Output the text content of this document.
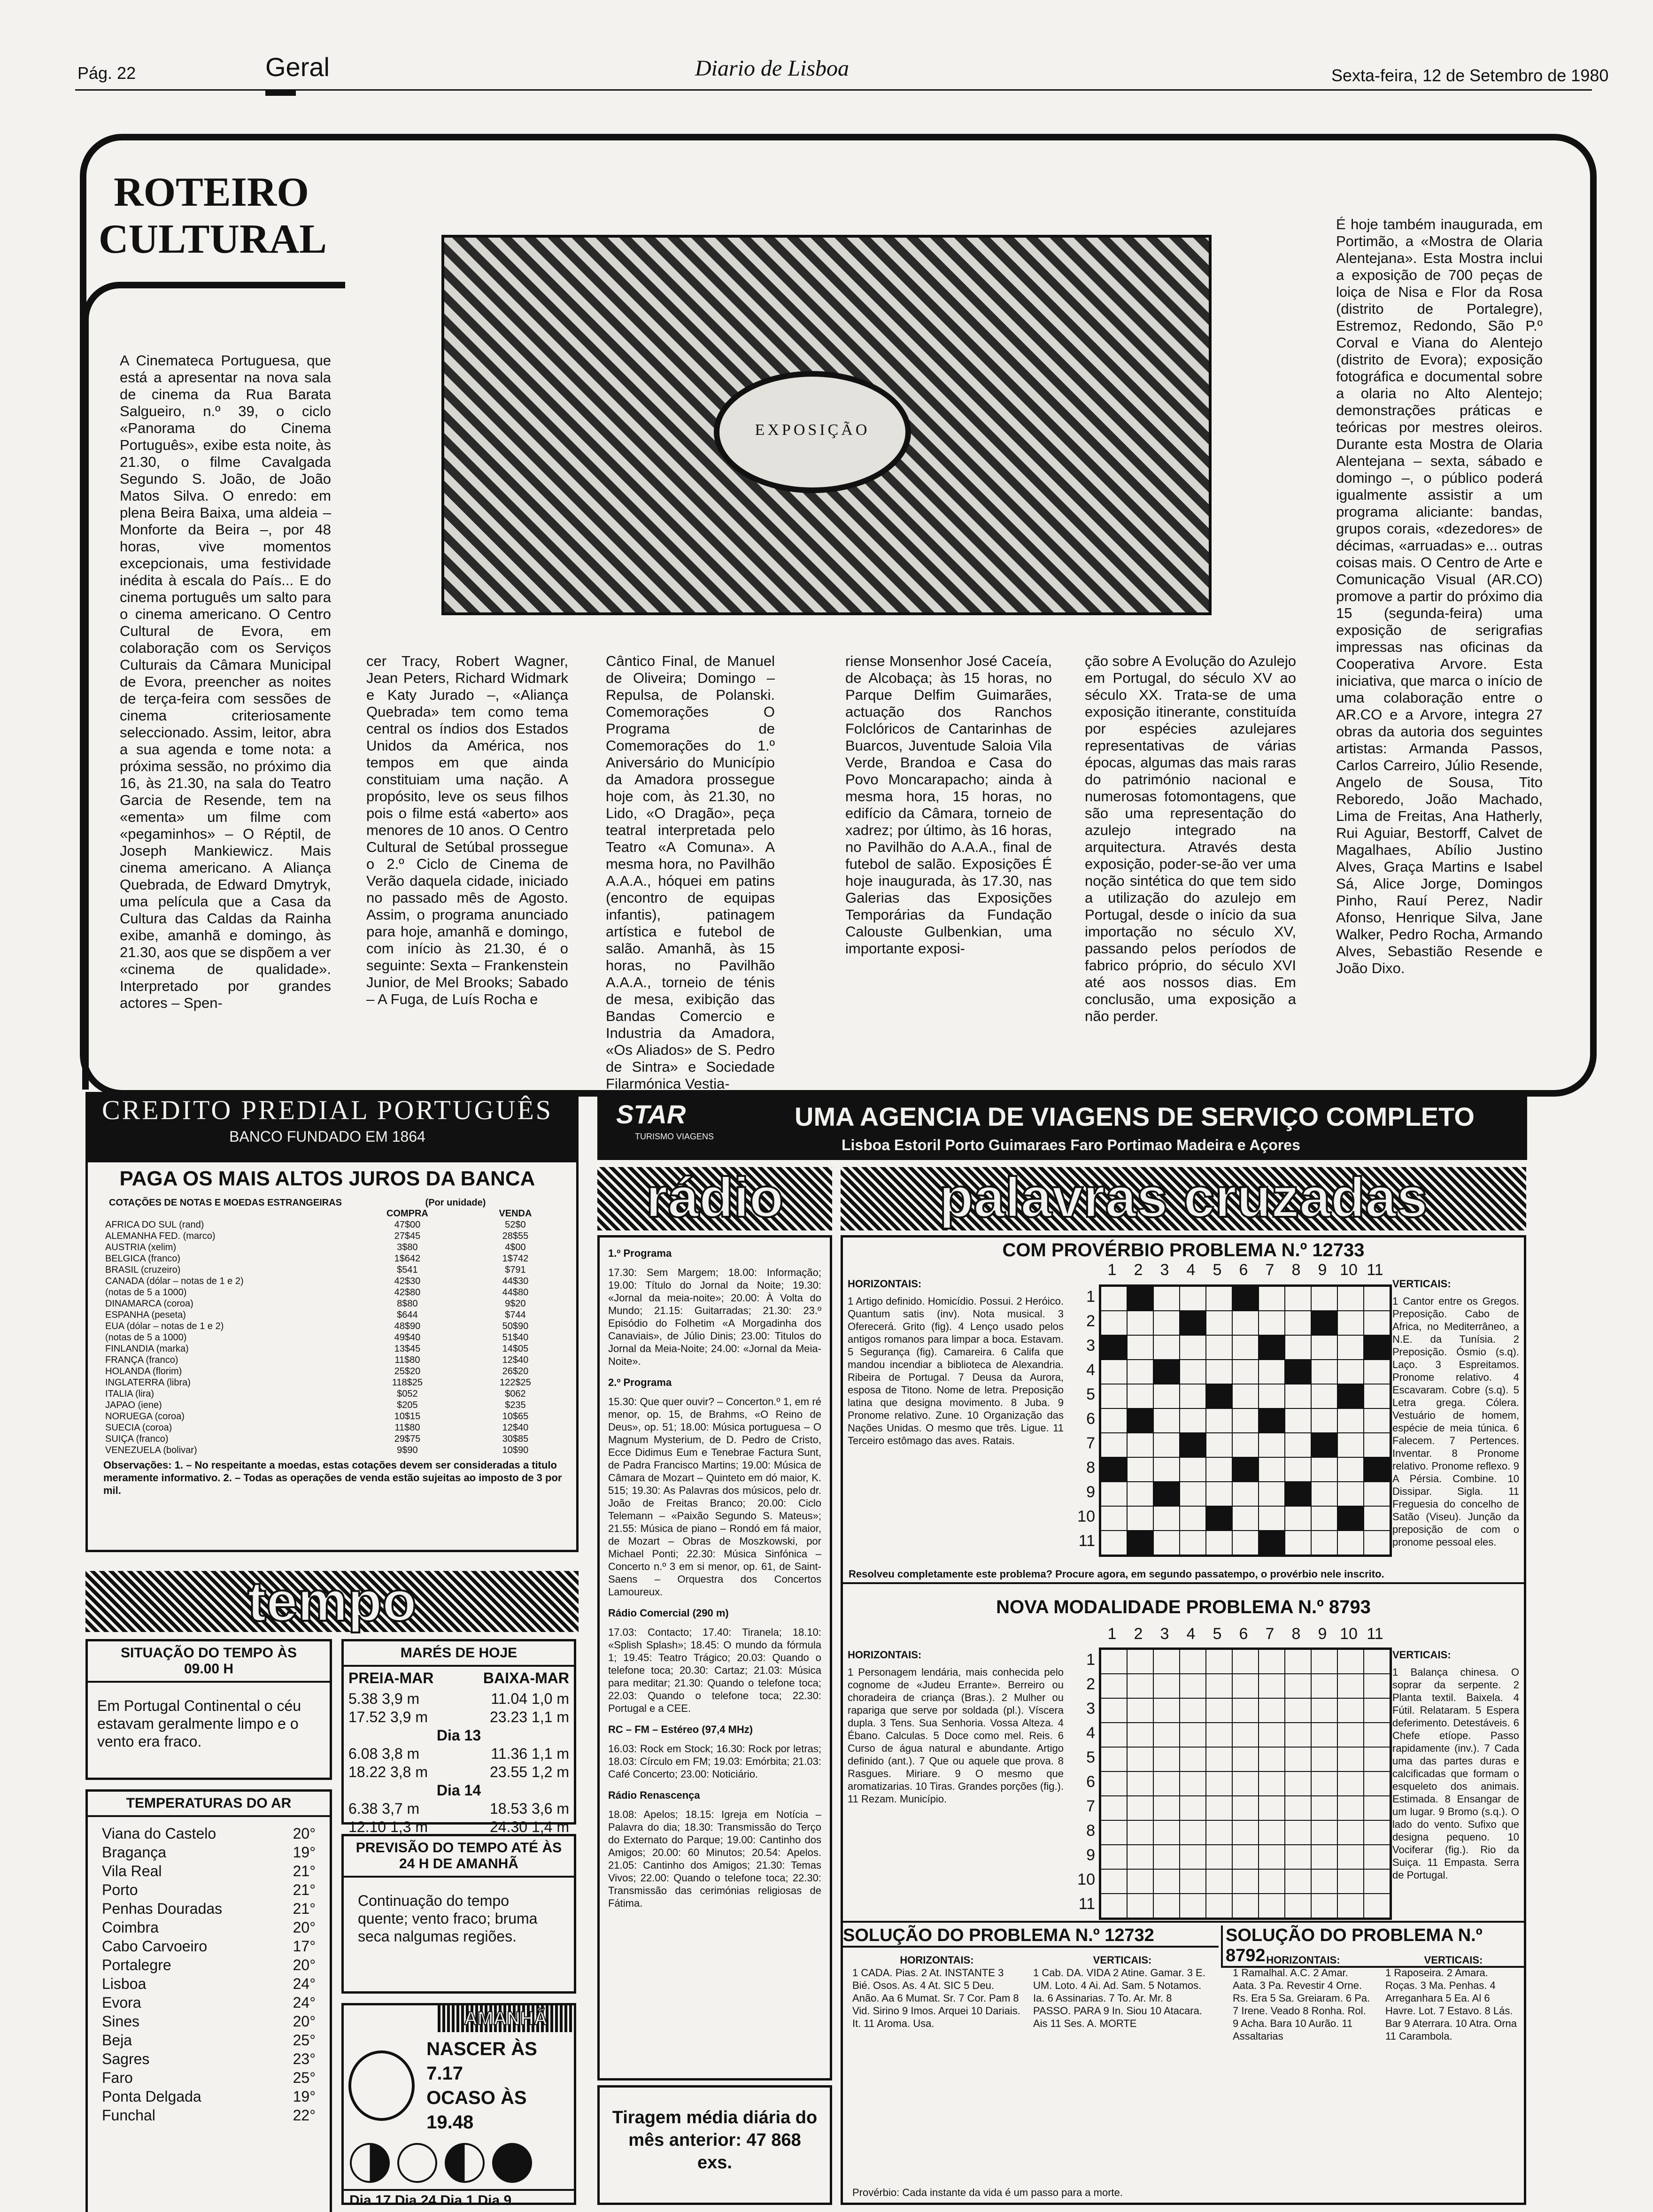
Pág. 22	Geral	Diario de Lisboa	Sexta-feira, 12 de Setembro de 1980
ROTEIRO CULTURAL
EXPOSIÇÃO
A Cinemateca Portuguesa, que está a apresentar na nova sala de cinema da Rua Barata Salgueiro, n.º 39, o ciclo «Panorama do Cinema Português», exibe esta noite, às 21.30, o filme Cavalgada Segundo S. João, de João Matos Silva. O enredo: em plena Beira Baixa, uma aldeia – Monforte da Beira –, por 48 horas, vive momentos excepcionais, uma festividade inédita à escala do País... E do cinema português um salto para o cinema americano. O Centro Cultural de Evora, em colaboração com os Serviços Culturais da Câmara Municipal de Evora, preencher as noites de terça-feira com sessões de cinema criteriosamente seleccionado. Assim, leitor, abra a sua agenda e tome nota: a próxima sessão, no próximo dia 16, às 21.30, na sala do Teatro Garcia de Resende, tem na «ementa» um filme com «pegaminhos» – O Réptil, de Joseph Mankiewicz. Mais cinema americano. A Aliança Quebrada, de Edward Dmytryk, uma película que a Casa da Cultura das Caldas da Rainha exibe, amanhã e domingo, às 21.30, aos que se dispõem a ver «cinema de qualidade». Interpretado por grandes actores – Spen-
cer Tracy, Robert Wagner, Jean Peters, Richard Widmark e Katy Jurado –, «Aliança Quebrada» tem como tema central os índios dos Estados Unidos da América, nos tempos em que ainda constituiam uma nação. A propósito, leve os seus filhos pois o filme está «aberto» aos menores de 10 anos. O Centro Cultural de Setúbal prossegue o 2.º Ciclo de Cinema de Verão daquela cidade, iniciado no passado mês de Agosto. Assim, o programa anunciado para hoje, amanhã e domingo, com início às 21.30, é o seguinte: Sexta – Frankenstein Junior, de Mel Brooks; Sabado – A Fuga, de Luís Rocha e
Cântico Final, de Manuel de Oliveira; Domingo – Repulsa, de Polanski. Comemorações O Programa de Comemorações do 1.º Aniversário do Município da Amadora prossegue hoje com, às 21.30, no Lido, «O Dragão», peça teatral interpretada pelo Teatro «A Comuna». A mesma hora, no Pavilhão A.A.A., hóquei em patins (encontro de equipas infantis), patinagem artística e futebol de salão. Amanhã, às 15 horas, no Pavilhão A.A.A., torneio de ténis de mesa, exibição das Bandas Comercio e Industria da Amadora, «Os Aliados» de S. Pedro de Sintra» e Sociedade Filarmónica Vestia-
riense Monsenhor José Caceía, de Alcobaça; às 15 horas, no Parque Delfim Guimarães, actuação dos Ranchos Folclóricos de Cantarinhas de Buarcos, Juventude Saloia Vila Verde, Brandoa e Casa do Povo Moncarapacho; ainda à mesma hora, 15 horas, no edifício da Câmara, torneio de xadrez; por último, às 16 horas, no Pavilhão do A.A.A., final de futebol de salão. Exposições É hoje inaugurada, às 17.30, nas Galerias das Exposições Temporárias da Fundação Calouste Gulbenkian, uma importante exposi-
ção sobre A Evolução do Azulejo em Portugal, do século XV ao século XX. Trata-se de uma exposição itinerante, constituída por espécies azulejares representativas de várias épocas, algumas das mais raras do património nacional e numerosas fotomontagens, que são uma representação do azulejo integrado na arquitectura. Através desta exposição, poder-se-ão ver uma noção sintética do que tem sido a utilização do azulejo em Portugal, desde o início da sua importação no século XV, passando pelos períodos de fabrico próprio, do século XVI até aos nossos dias. Em conclusão, uma exposição a não perder.
É hoje também inaugurada, em Portimão, a «Mostra de Olaria Alentejana». Esta Mostra inclui a exposição de 700 peças de loiça de Nisa e Flor da Rosa (distrito de Portalegre), Estremoz, Redondo, São P.º Corval e Viana do Alentejo (distrito de Evora); exposição fotográfica e documental sobre a olaria no Alto Alentejo; demonstrações práticas e teóricas por mestres oleiros. Durante esta Mostra de Olaria Alentejana – sexta, sábado e domingo –, o público poderá igualmente assistir a um programa aliciante: bandas, grupos corais, «dezedores» de décimas, «arruadas» e... outras coisas mais. O Centro de Arte e Comunicação Visual (AR.CO) promove a partir do próximo dia 15 (segunda-feira) uma exposição de serigrafias impressas nas oficinas da Cooperativa Arvore. Esta iniciativa, que marca o início de uma colaboração entre o AR.CO e a Arvore, integra 27 obras da autoria dos seguintes artistas: Armanda Passos, Carlos Carreiro, Júlio Resende, Angelo de Sousa, Tito Reboredo, João Machado, Lima de Freitas, Ana Hatherly, Rui Aguiar, Bestorff, Calvet de Magalhaes, Abílio Justino Alves, Graça Martins e Isabel Sá, Alice Jorge, Domingos Pinho, Rauí Perez, Nadir Afonso, Henrique Silva, Jane Walker, Pedro Rocha, Armando Alves, Sebastião Resende e João Dixo.
CREDITO PREDIAL PORTUGUÊS
BANCO FUNDADO EM 1864
PAGA OS MAIS ALTOS JUROS DA BANCA
COTAÇÕES DE NOTAS E MOEDAS ESTRANGEIRAS	(Por unidade)	
	COMPRA	VENDA
AFRICA DO SUL (rand)	47$00	52$0
ALEMANHA FED. (marco)	27$45	28$55
AUSTRIA (xelim)	3$80	4$00
BELGICA (franco)	1$642	1$742
BRASIL (cruzeiro)	$541	$791
CANADA (dólar – notas de 1 e 2)	42$30	44$30
(notas de 5 a 1000)	42$80	44$80
DINAMARCA (coroa)	8$80	9$20
ESPANHA (peseta)	$644	$744
EUA (dólar – notas de 1 e 2)	48$90	50$90
(notas de 5 a 1000)	49$40	51$40
FINLANDIA (marka)	13$45	14$05
FRANÇA (franco)	11$80	12$40
HOLANDA (florim)	25$20	26$20
INGLATERRA (libra)	118$25	122$25
ITALIA (lira)	$052	$062
JAPAO (iene)	$205	$235
NORUEGA (coroa)	10$15	10$65
SUECIA (coroa)	11$80	12$40
SUIÇA (franco)	29$75	30$85
VENEZUELA (bolivar)	9$90	10$90
Observações: 1. – No respeitante a moedas, estas cotações devem ser consideradas a titulo meramente informativo. 2. – Todas as operações de venda estão sujeitas ao imposto de 3 por mil.
tempo
SITUAÇÃO DO TEMPO ÀS 09.00 H
Em Portugal Continental o céu estavam geralmente limpo e o vento era fraco.
TEMPERATURAS DO AR
Viana do Castelo	20°
Bragança	19°
Vila Real	21°
Porto	21°
Penhas Douradas	21°
Coimbra	20°
Cabo Carvoeiro	17°
Portalegre	20°
Lisboa	24°
Evora	24°
Sines	20°
Beja	25°
Sagres	23°
Faro	25°
Ponta Delgada	19°
Funchal	22°
MARÉS DE HOJE
PREIA-MAR	BAIXA-MAR
5.38 3,9 m	11.04 1,0 m
17.52 3,9 m	23.23 1,1 m
Dia 13
6.08 3,8 m	11.36 1,1 m
18.22 3,8 m	23.55 1,2 m
Dia 14
6.38 3,7 m	18.53 3,6 m
12.10 1,3 m	24.30 1,4 m
PREVISÃO DO TEMPO ATÉ ÀS 24 H DE AMANHÃ
Continuação do tempo quente; vento fraco; bruma seca nalgumas regiões.
AMANHÃ
NASCER ÀS 7.17
OCASO ÀS 19.48
Dia 17 Dia 24 Dia 1 Dia 9
STAR
TURISMO VIAGENS
UMA AGENCIA DE VIAGENS DE SERVIÇO COMPLETO
Lisboa Estoril Porto Guimaraes Faro Portimao Madeira e Açores
rádio
1.º Programa
17.30: Sem Margem; 18.00: Informação; 19.00: Título do Jornal da Noite; 19.30: «Jornal da meia-noite»; 20.00: À Volta do Mundo; 21.15: Guitarradas; 21.30: 23.º Episódio do Folhetim «A Morgadinha dos Canaviais», de Júlio Dinis; 23.00: Titulos do Jornal da Meia-Noite; 24.00: «Jornal da Meia-Noite».
2.º Programa
15.30: Que quer ouvir? – Concerton.º 1, em ré menor, op. 15, de Brahms, «O Reino de Deus», op. 51; 18.00: Música portuguesa – O Magnum Mysterium, de D. Pedro de Cristo, Ecce Didimus Eum e Tenebrae Factura Sunt, de Padra Francisco Martins; 19.00: Música de Câmara de Mozart – Quinteto em dó maior, K. 515; 19.30: As Palavras dos músicos, pelo dr. João de Freitas Branco; 20.00: Ciclo Telemann – «Paixão Segundo S. Mateus»; 21.55: Música de piano – Rondó em fá maior, de Mozart – Obras de Moszkowski, por Michael Ponti; 22.30: Música Sinfónica – Concerto n.º 3 em si menor, op. 61, de Saint-Saens – Orquestra dos Concertos Lamoureux.
Rádio Comercial (290 m)
17.03: Contacto; 17.40: Tiranela; 18.10: «Splish Splash»; 18.45: O mundo da fórmula 1; 19.45: Teatro Trágico; 20.03: Quando o telefone toca; 20.30: Cartaz; 21.03: Música para meditar; 21.30: Quando o telefone toca; 22.03: Quando o telefone toca; 22.30: Portugal e a CEE.
RC – FM – Estéreo (97,4 MHz)
16.03: Rock em Stock; 16.30: Rock por letras; 18.03: Círculo em FM; 19.03: Emórbita; 21.03: Café Concerto; 23.00: Noticiário.
Rádio Renascença
18.08: Apelos; 18.15: Igreja em Notícia – Palavra do dia; 18.30: Transmissão do Terço do Externato do Parque; 19.00: Cantinho dos Amigos; 20.00: 60 Minutos; 20.54: Apelos. 21.05: Cantinho dos Amigos; 21.30: Temas Vivos; 22.00: Quando o telefone toca; 22.30: Transmissão das cerimónias religiosas de Fátima.
Tiragem média diária do mês anterior: 47 868 exs.
palavras cruzadas
COM PROVÉRBIO PROBLEMA N.º 12733
HORIZONTAIS:
1 Artigo definido. Homicídio. Possui. 2 Heróico. Quantum satis (inv). Nota musical. 3 Oferecerá. Grito (fig). 4 Lenço usado pelos antigos romanos para limpar a boca. Estavam. 5 Segurança (fig). Camareira. 6 Califa que mandou incendiar a biblioteca de Alexandria. Ribeira de Portugal. 7 Deusa da Aurora, esposa de Titono. Nome de letra. Preposição latina que designa movimento. 8 Juba. 9 Pronome relativo. Zune. 10 Organização das Nações Unidas. O mesmo que três. Ligue. 11 Terceiro estômago das aves. Ratais.
1 2 3 4 5 6 7 8 9 10 11
1
2
3
4
5
6
7
8
9
10
11
VERTICAIS:
1 Cantor entre os Gregos. Preposição. Cabo de Africa, no Mediterrâneo, a N.E. da Tunísia. 2 Preposição. Ósmio (s.q). Laço. 3 Espreitamos. Pronome relativo. 4 Escavaram. Cobre (s.q). 5 Letra grega. Cólera. Vestuário de homem, espécie de meia túnica. 6 Falecem. 7 Pertences. Inventar. 8 Pronome relativo. Pronome reflexo. 9 A Pérsia. Combine. 10 Dissipar. Sigla. 11 Freguesia do concelho de Satão (Viseu). Junção da preposição de com o pronome pessoal eles.
Resolveu completamente este problema? Procure agora, em segundo passatempo, o provérbio nele inscrito.
NOVA MODALIDADE PROBLEMA N.º 8793
HORIZONTAIS:
1 Personagem lendária, mais conhecida pelo cognome de «Judeu Errante». Berreiro ou choradeira de criança (Bras.). 2 Mulher ou rapariga que serve por soldada (pl.). Víscera dupla. 3 Tens. Sua Senhoria. Vossa Alteza. 4 Ébano. Calculas. 5 Doce como mel. Reis. 6 Curso de água natural e abundante. Artigo definido (ant.). 7 Que ou aquele que prova. 8 Rasgues. Miriare. 9 O mesmo que aromatizarias. 10 Tiras. Grandes porções (fig.). 11 Rezam. Município.
1 2 3 4 5 6 7 8 9 10 11
1
2
3
4
5
6
7
8
9
10
11
VERTICAIS:
1 Balança chinesa. O soprar da serpente. 2 Planta textil. Baixela. 4 Fútil. Relataram. 5 Espera deferimento. Detestáveis. 6 Chefe etíope. Passo rapidamente (inv.). 7 Cada uma das partes duras e calcificadas que formam o esqueleto dos animais. Estimada. 8 Ensangar de um lugar. 9 Bromo (s.q.). O lado do vento. Sufixo que designa pequeno. 10 Vociferar (fig.). Rio da Suiça. 11 Empasta. Serra de Portugal.
SOLUÇÃO DO PROBLEMA N.º 12732	SOLUÇÃO DO PROBLEMA N.º 8792
HORIZONTAIS:
1 CADA. Pias. 2 At. INSTANTE 3 Bié. Osos. As. 4 At. SIC 5 Deu. Anão. Aa 6 Mumat. Sr. 7 Cor. Pam 8 Vid. Sirino 9 Imos. Arquei 10 Dariais. It. 11 Aroma. Usa.
VERTICAIS:
1 Cab. DA. VIDA 2 Atine. Gamar. 3 E. UM. Loto. 4 Ai. Ad. Sam. 5 Notamos. Ia. 6 Assinarias. 7 To. Ar. Mr. 8 PASSO. PARA 9 In. Siou 10 Atacara. Ais 11 Ses. A. MORTE
HORIZONTAIS:
1 Ramalhal. A.C. 2 Amar. Aata. 3 Pa. Revestir 4 Orne. Rs. Era 5 Sa. Greiaram. 6 Pa. 7 Irene. Veado 8 Ronha. Rol. 9 Acha. Bara 10 Aurão. 11 Assaltarias
VERTICAIS:
1 Raposeira. 2 Amara. Roças. 3 Ma. Penhas. 4 Arreganhara 5 Ea. Al 6 Havre. Lot. 7 Estavo. 8 Lás. Bar 9 Aterrara. 10 Atra. Orna 11 Carambola.
Provérbio: Cada instante da vida é um passo para a morte.
